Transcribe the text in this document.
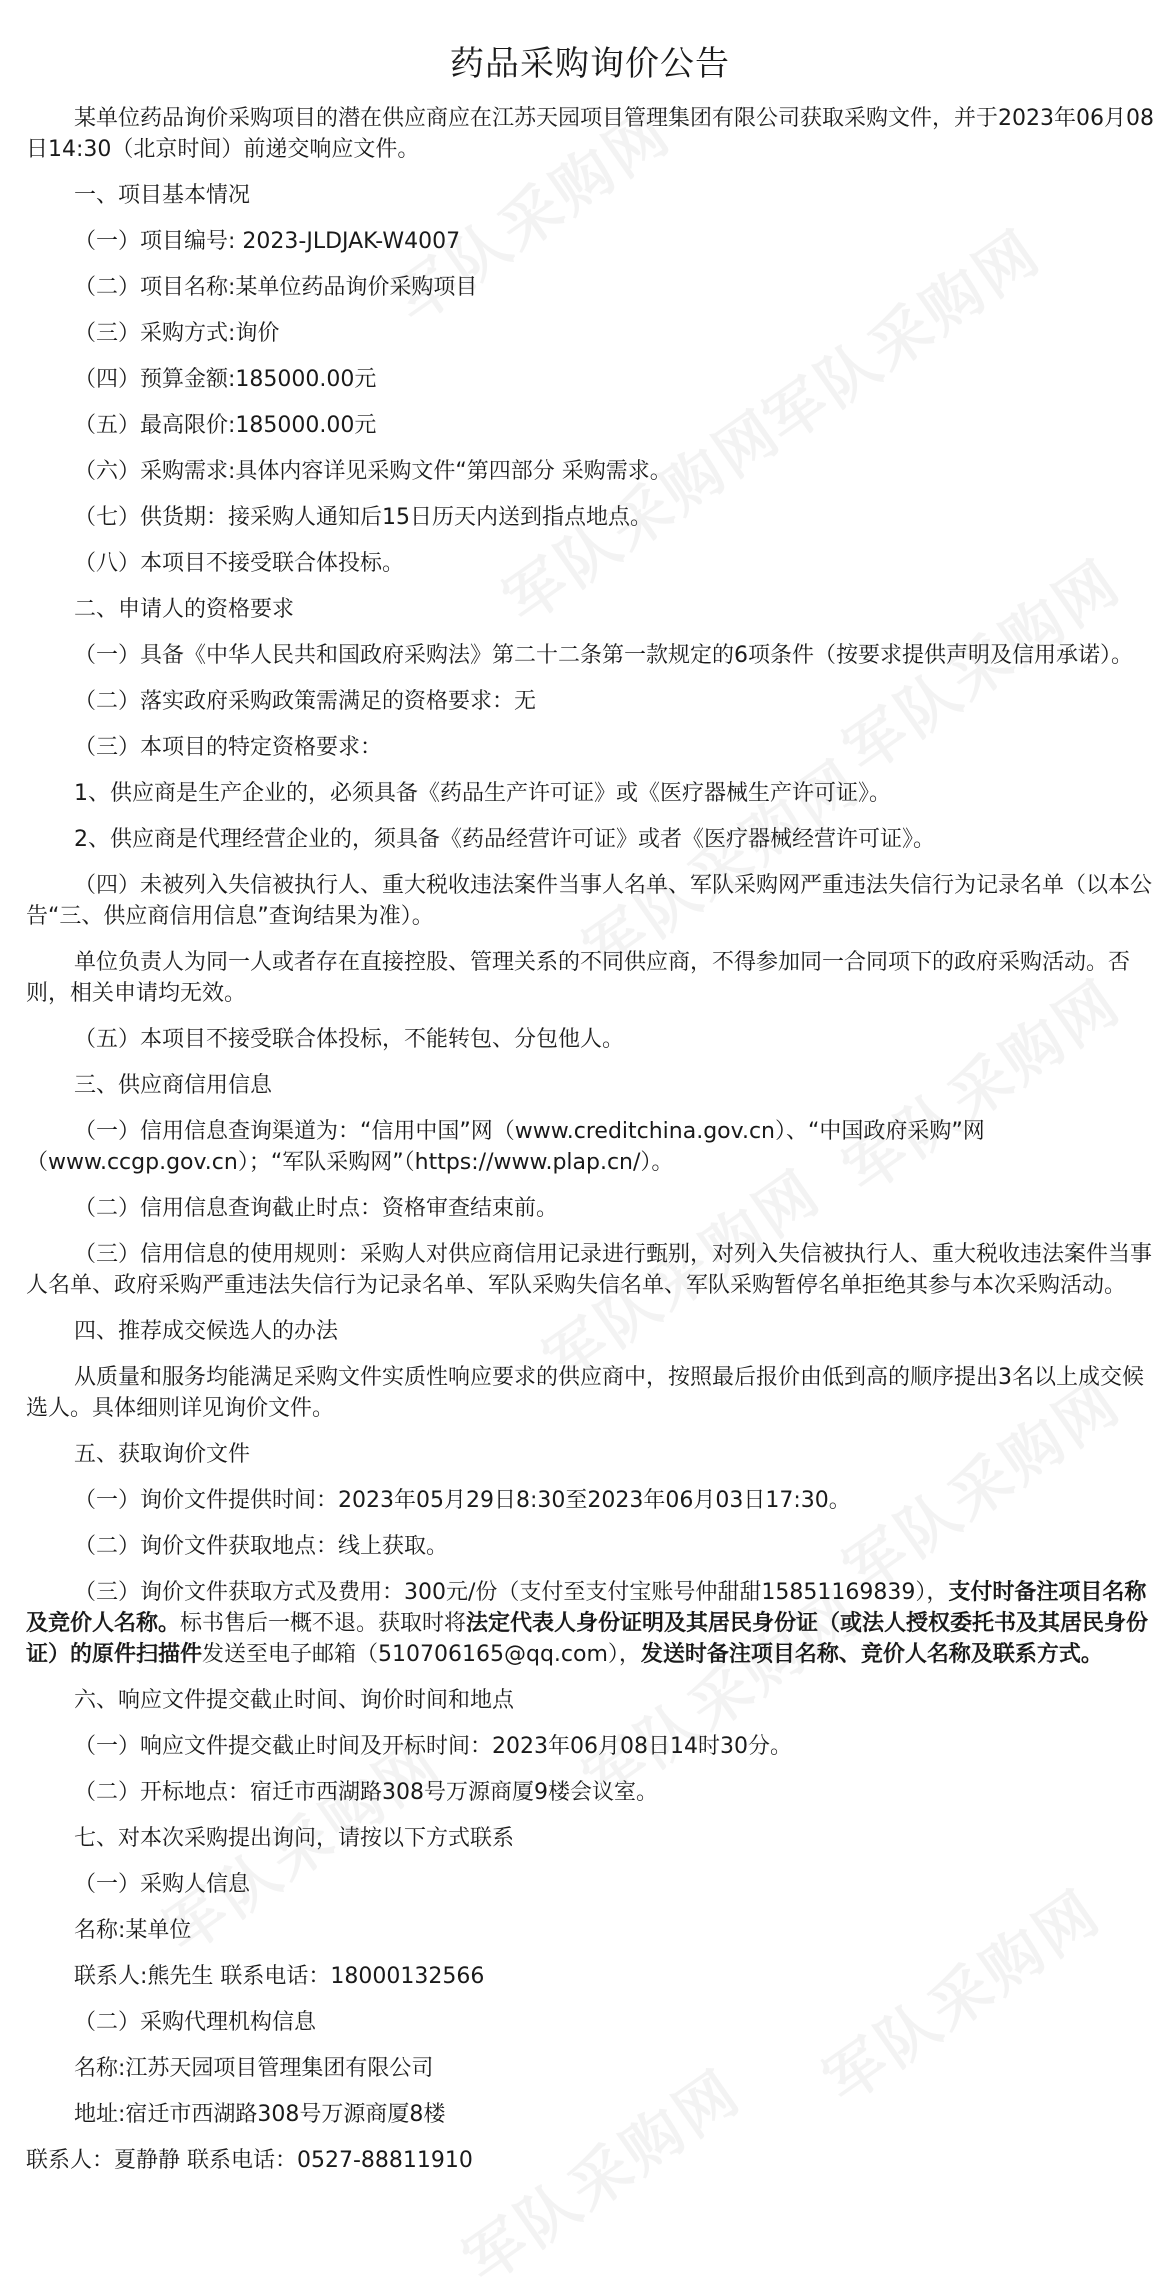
药品采购询价公告

某单位药品询价采购项目的潜在供应商应在江苏天园项目管理集团有限公司获取采购文件，并于2023年06月08日14:30（北京时间）前递交响应文件。

一、项目基本情况

（一）项目编号: 2023-JLDJAK-W4007

（二）项目名称:某单位药品询价采购项目

（三）采购方式:询价

（四）预算金额:185000.00元

（五）最高限价:185000.00元

（六）采购需求:具体内容详见采购文件“第四部分 采购需求。

（七）供货期：接采购人通知后15日历天内送到指点地点。

（八）本项目不接受联合体投标。

二、申请人的资格要求

（一）具备《中华人民共和国政府采购法》第二十二条第一款规定的6项条件（按要求提供声明及信用承诺）。

（二）落实政府采购政策需满足的资格要求：无

（三）本项目的特定资格要求：

1、供应商是生产企业的，必须具备《药品生产许可证》或《医疗器械生产许可证》。

2、供应商是代理经营企业的，须具备《药品经营许可证》或者《医疗器械经营许可证》。

（四）未被列入失信被执行人、重大税收违法案件当事人名单、军队采购网严重违法失信行为记录名单（以本公告“三、供应商信用信息”查询结果为准）。

单位负责人为同一人或者存在直接控股、管理关系的不同供应商，不得参加同一合同项下的政府采购活动。否则，相关申请均无效。

（五）本项目不接受联合体投标，不能转包、分包他人。

三、供应商信用信息

（一）信用信息查询渠道为：“信用中国”网（www.creditchina.gov.cn）、“中国政府采购”网（www.ccgp.gov.cn）；“军队采购网”（https://www.plap.cn/）。

（二）信用信息查询截止时点：资格审查结束前。

（三）信用信息的使用规则：采购人对供应商信用记录进行甄别，对列入失信被执行人、重大税收违法案件当事人名单、政府采购严重违法失信行为记录名单、军队采购失信名单、军队采购暂停名单拒绝其参与本次采购活动。

四、推荐成交候选人的办法

从质量和服务均能满足采购文件实质性响应要求的供应商中，按照最后报价由低到高的顺序提出3名以上成交候选人。具体细则详见询价文件。

五、获取询价文件

（一）询价文件提供时间：2023年05月29日8:30至2023年06月03日17:30。

（二）询价文件获取地点：线上获取。

（三）询价文件获取方式及费用：300元/份（支付至支付宝账号仲甜甜15851169839），支付时备注项目名称及竞价人名称。标书售后一概不退。获取时将法定代表人身份证明及其居民身份证（或法人授权委托书及其居民身份证）的原件扫描件发送至电子邮箱（510706165@qq.com），发送时备注项目名称、竞价人名称及联系方式。

六、响应文件提交截止时间、询价时间和地点

（一）响应文件提交截止时间及开标时间：2023年06月08日14时30分。

（二）开标地点：宿迁市西湖路308号万源商厦9楼会议室。

七、对本次采购提出询问，请按以下方式联系

（一）采购人信息

名称:某单位

联系人:熊先生 联系电话：18000132566

（二）采购代理机构信息

名称:江苏天园项目管理集团有限公司

地址:宿迁市西湖路308号万源商厦8楼

联系人：夏静静 联系电话：0527-88811910
